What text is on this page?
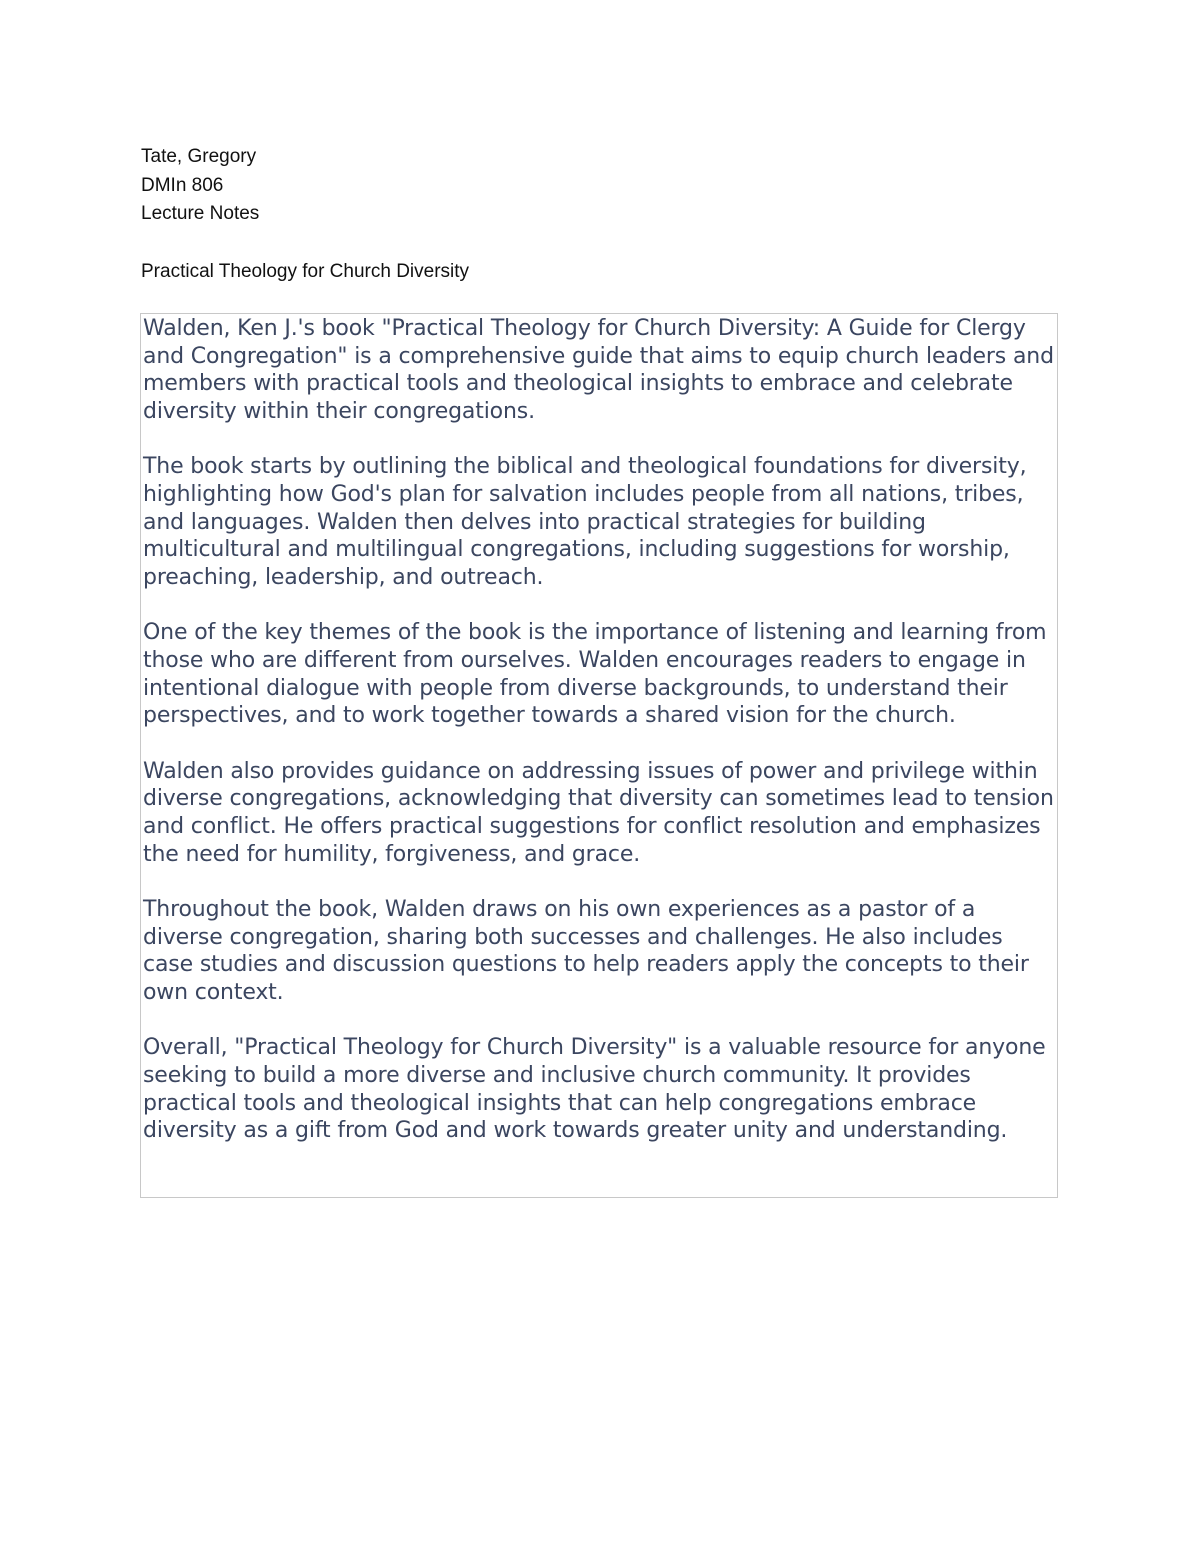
Tate, Gregory
DMIn 806
Lecture Notes
Practical Theology for Church Diversity

Walden, Ken J.'s book "Practical Theology for Church Diversity: A Guide for Clergy and Congregation" is a comprehensive guide that aims to equip church leaders and members with practical tools and theological insights to embrace and celebrate diversity within their congregations.

The book starts by outlining the biblical and theological foundations for diversity, highlighting how God's plan for salvation includes people from all nations, tribes, and languages. Walden then delves into practical strategies for building multicultural and multilingual congregations, including suggestions for worship, preaching, leadership, and outreach.

One of the key themes of the book is the importance of listening and learning from those who are different from ourselves. Walden encourages readers to engage in intentional dialogue with people from diverse backgrounds, to understand their perspectives, and to work together towards a shared vision for the church.

Walden also provides guidance on addressing issues of power and privilege within diverse congregations, acknowledging that diversity can sometimes lead to tension and conflict. He offers practical suggestions for conflict resolution and emphasizes the need for humility, forgiveness, and grace.

Throughout the book, Walden draws on his own experiences as a pastor of a diverse congregation, sharing both successes and challenges. He also includes case studies and discussion questions to help readers apply the concepts to their own context.

Overall, "Practical Theology for Church Diversity" is a valuable resource for anyone seeking to build a more diverse and inclusive church community. It provides practical tools and theological insights that can help congregations embrace diversity as a gift from God and work towards greater unity and understanding.
